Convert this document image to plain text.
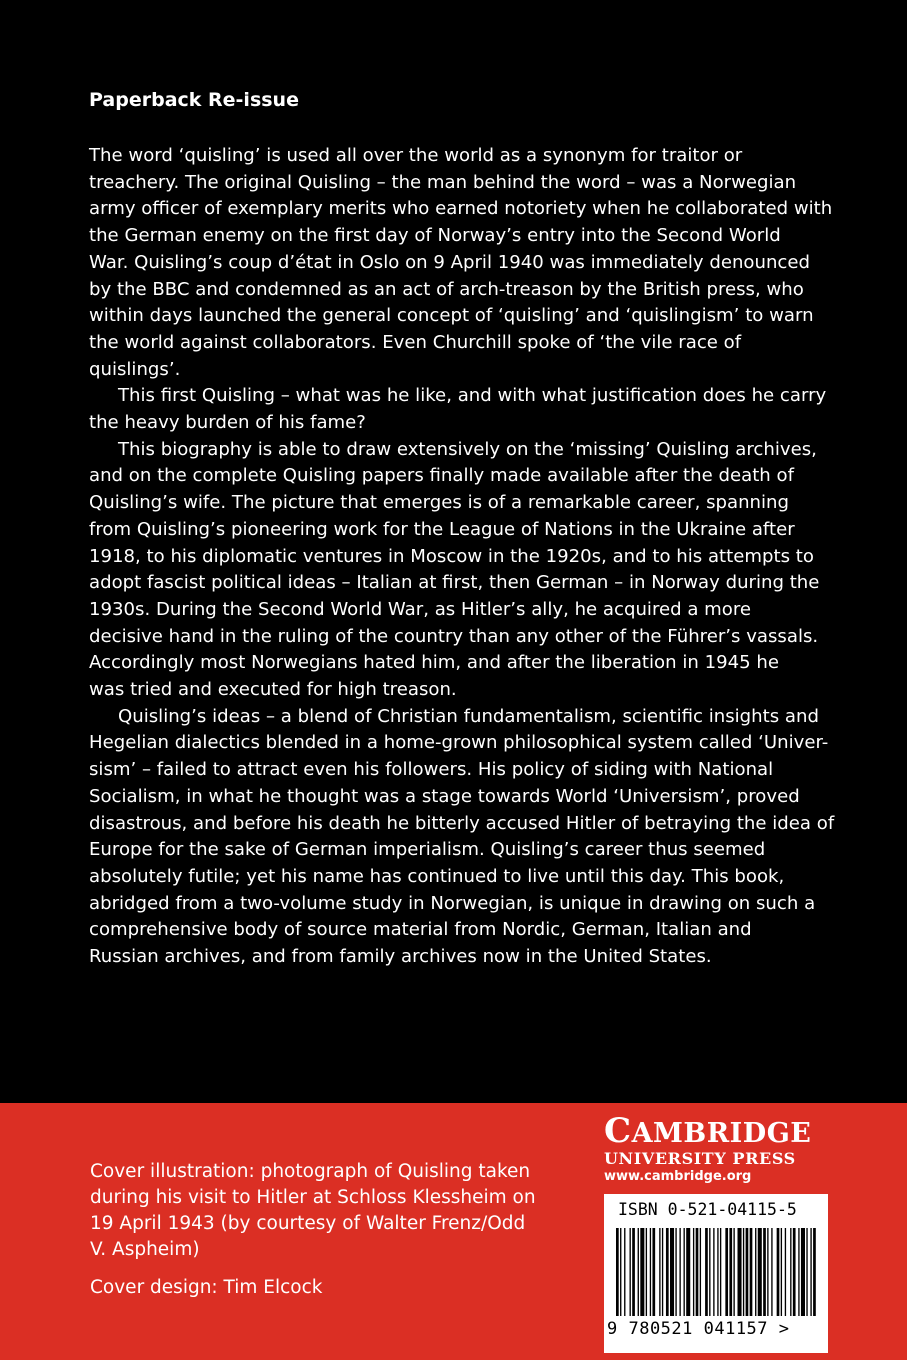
Paperback Re-issue

The word ‘quisling’ is used all over the world as a synonym for traitor or
treachery. The original Quisling – the man behind the word – was a Norwegian
army officer of exemplary merits who earned notoriety when he collaborated with
the German enemy on the first day of Norway’s entry into the Second World
War. Quisling’s coup d’état in Oslo on 9 April 1940 was immediately denounced
by the BBC and condemned as an act of arch-treason by the British press, who
within days launched the general concept of ‘quisling’ and ‘quislingism’ to warn
the world against collaborators. Even Churchill spoke of ‘the vile race of
quislings’.

This first Quisling – what was he like, and with what justification does he carry
the heavy burden of his fame?

This biography is able to draw extensively on the ‘missing’ Quisling archives,
and on the complete Quisling papers finally made available after the death of
Quisling’s wife. The picture that emerges is of a remarkable career, spanning
from Quisling’s pioneering work for the League of Nations in the Ukraine after
1918, to his diplomatic ventures in Moscow in the 1920s, and to his attempts to
adopt fascist political ideas – Italian at first, then German – in Norway during the
1930s. During the Second World War, as Hitler’s ally, he acquired a more
decisive hand in the ruling of the country than any other of the Führer’s vassals.
Accordingly most Norwegians hated him, and after the liberation in 1945 he
was tried and executed for high treason.

Quisling’s ideas – a blend of Christian fundamentalism, scientific insights and
Hegelian dialectics blended in a home-grown philosophical system called ‘Univer-
sism’ – failed to attract even his followers. His policy of siding with National
Socialism, in what he thought was a stage towards World ‘Universism’, proved
disastrous, and before his death he bitterly accused Hitler of betraying the idea of
Europe for the sake of German imperialism. Quisling’s career thus seemed
absolutely futile; yet his name has continued to live until this day. This book,
abridged from a two-volume study in Norwegian, is unique in drawing on such a
comprehensive body of source material from Nordic, German, Italian and
Russian archives, and from family archives now in the United States.

Cover illustration: photograph of Quisling taken
during his visit to Hitler at Schloss Klessheim on
19 April 1943 (by courtesy of Walter Frenz/Odd
V. Aspheim)

Cover design: Tim Elcock

CAMBRIDGE
UNIVERSITY PRESS
www.cambridge.org
ISBN 0-521-04115-5
9 780521 041157 >
